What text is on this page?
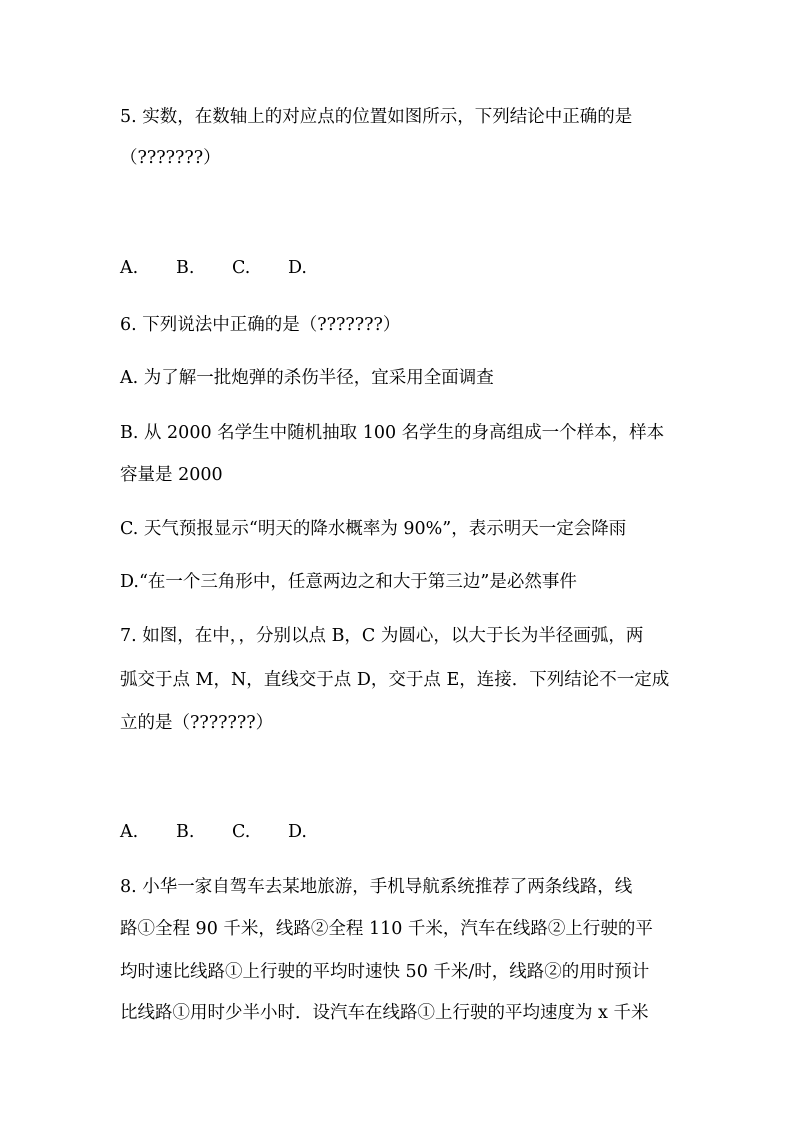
5. 实数，在数轴上的对应点的位置如图所示，下列结论中正确的是
（???????）
A. B. C. D.
6. 下列说法中正确的是（???????）
A. 为了解一批炮弹的杀伤半径，宜采用全面调查
B. 从 2000 名学生中随机抽取 100 名学生的身高组成一个样本，样本
容量是 2000
C. 天气预报显示“明天的降水概率为 90%”，表示明天一定会降雨
D.“在一个三角形中，任意两边之和大于第三边”是必然事件
7. 如图，在中，，分别以点 B，C 为圆心，以大于长为半径画弧，两
弧交于点 M，N，直线交于点 D，交于点 E，连接．下列结论不一定成
立的是（???????）
A. B. C. D.
8. 小华一家自驾车去某地旅游，手机导航系统推荐了两条线路，线
路①全程 90 千米，线路②全程 110 千米，汽车在线路②上行驶的平
均时速比线路①上行驶的平均时速快 50 千米/时，线路②的用时预计
比线路①用时少半小时．设汽车在线路①上行驶的平均速度为 x 千米
